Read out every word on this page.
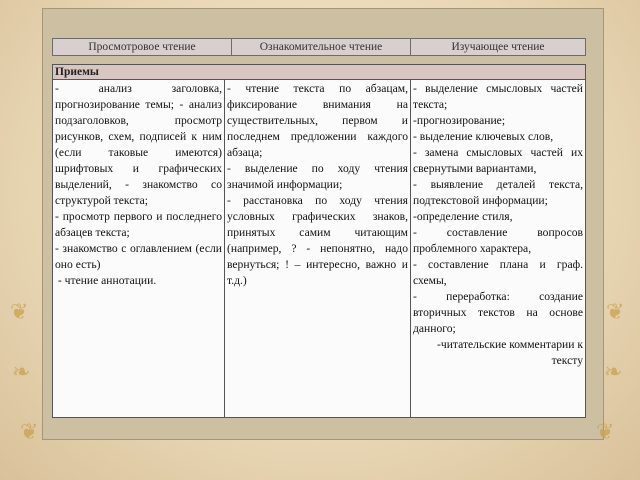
❦
❧
❦
❦
❧
❦
Просмотровое чтение	Ознакомительное чтение	Изучающее чтение
Приемы

- анализ заголовка, прогнозирование темы; - анализ подзаголовков, просмотр рисунков, схем, подписей к ним (если таковые имеются) шрифтовых и графических выделений, - знакомство со структурой текста;

- просмотр первого и последнего абзацев текста;

- знакомство с оглавлением (если оно есть)

- чтение аннотации.

- чтение текста по абзацам, фиксирование внимания на существительных, первом и последнем предложении каждого абзаца;

- выделение по ходу чтения значимой информации;

- расстановка по ходу чтения условных графических знаков, принятых самим читающим (например, ? - непонятно, надо вернуться; ! – интересно, важно и т.д.)

- выделение смысловых частей текста;

-прогнозирование;

- выделение ключевых слов,

- замена смысловых частей их свернутыми вариантами,

- выявление деталей текста, подтекстовой информации;

-определение стиля,

- составление вопросов проблемного характера,

- составление плана и граф. схемы,

- переработка: создание вторичных текстов на основе данного;

-читательские комментарии к тексту
